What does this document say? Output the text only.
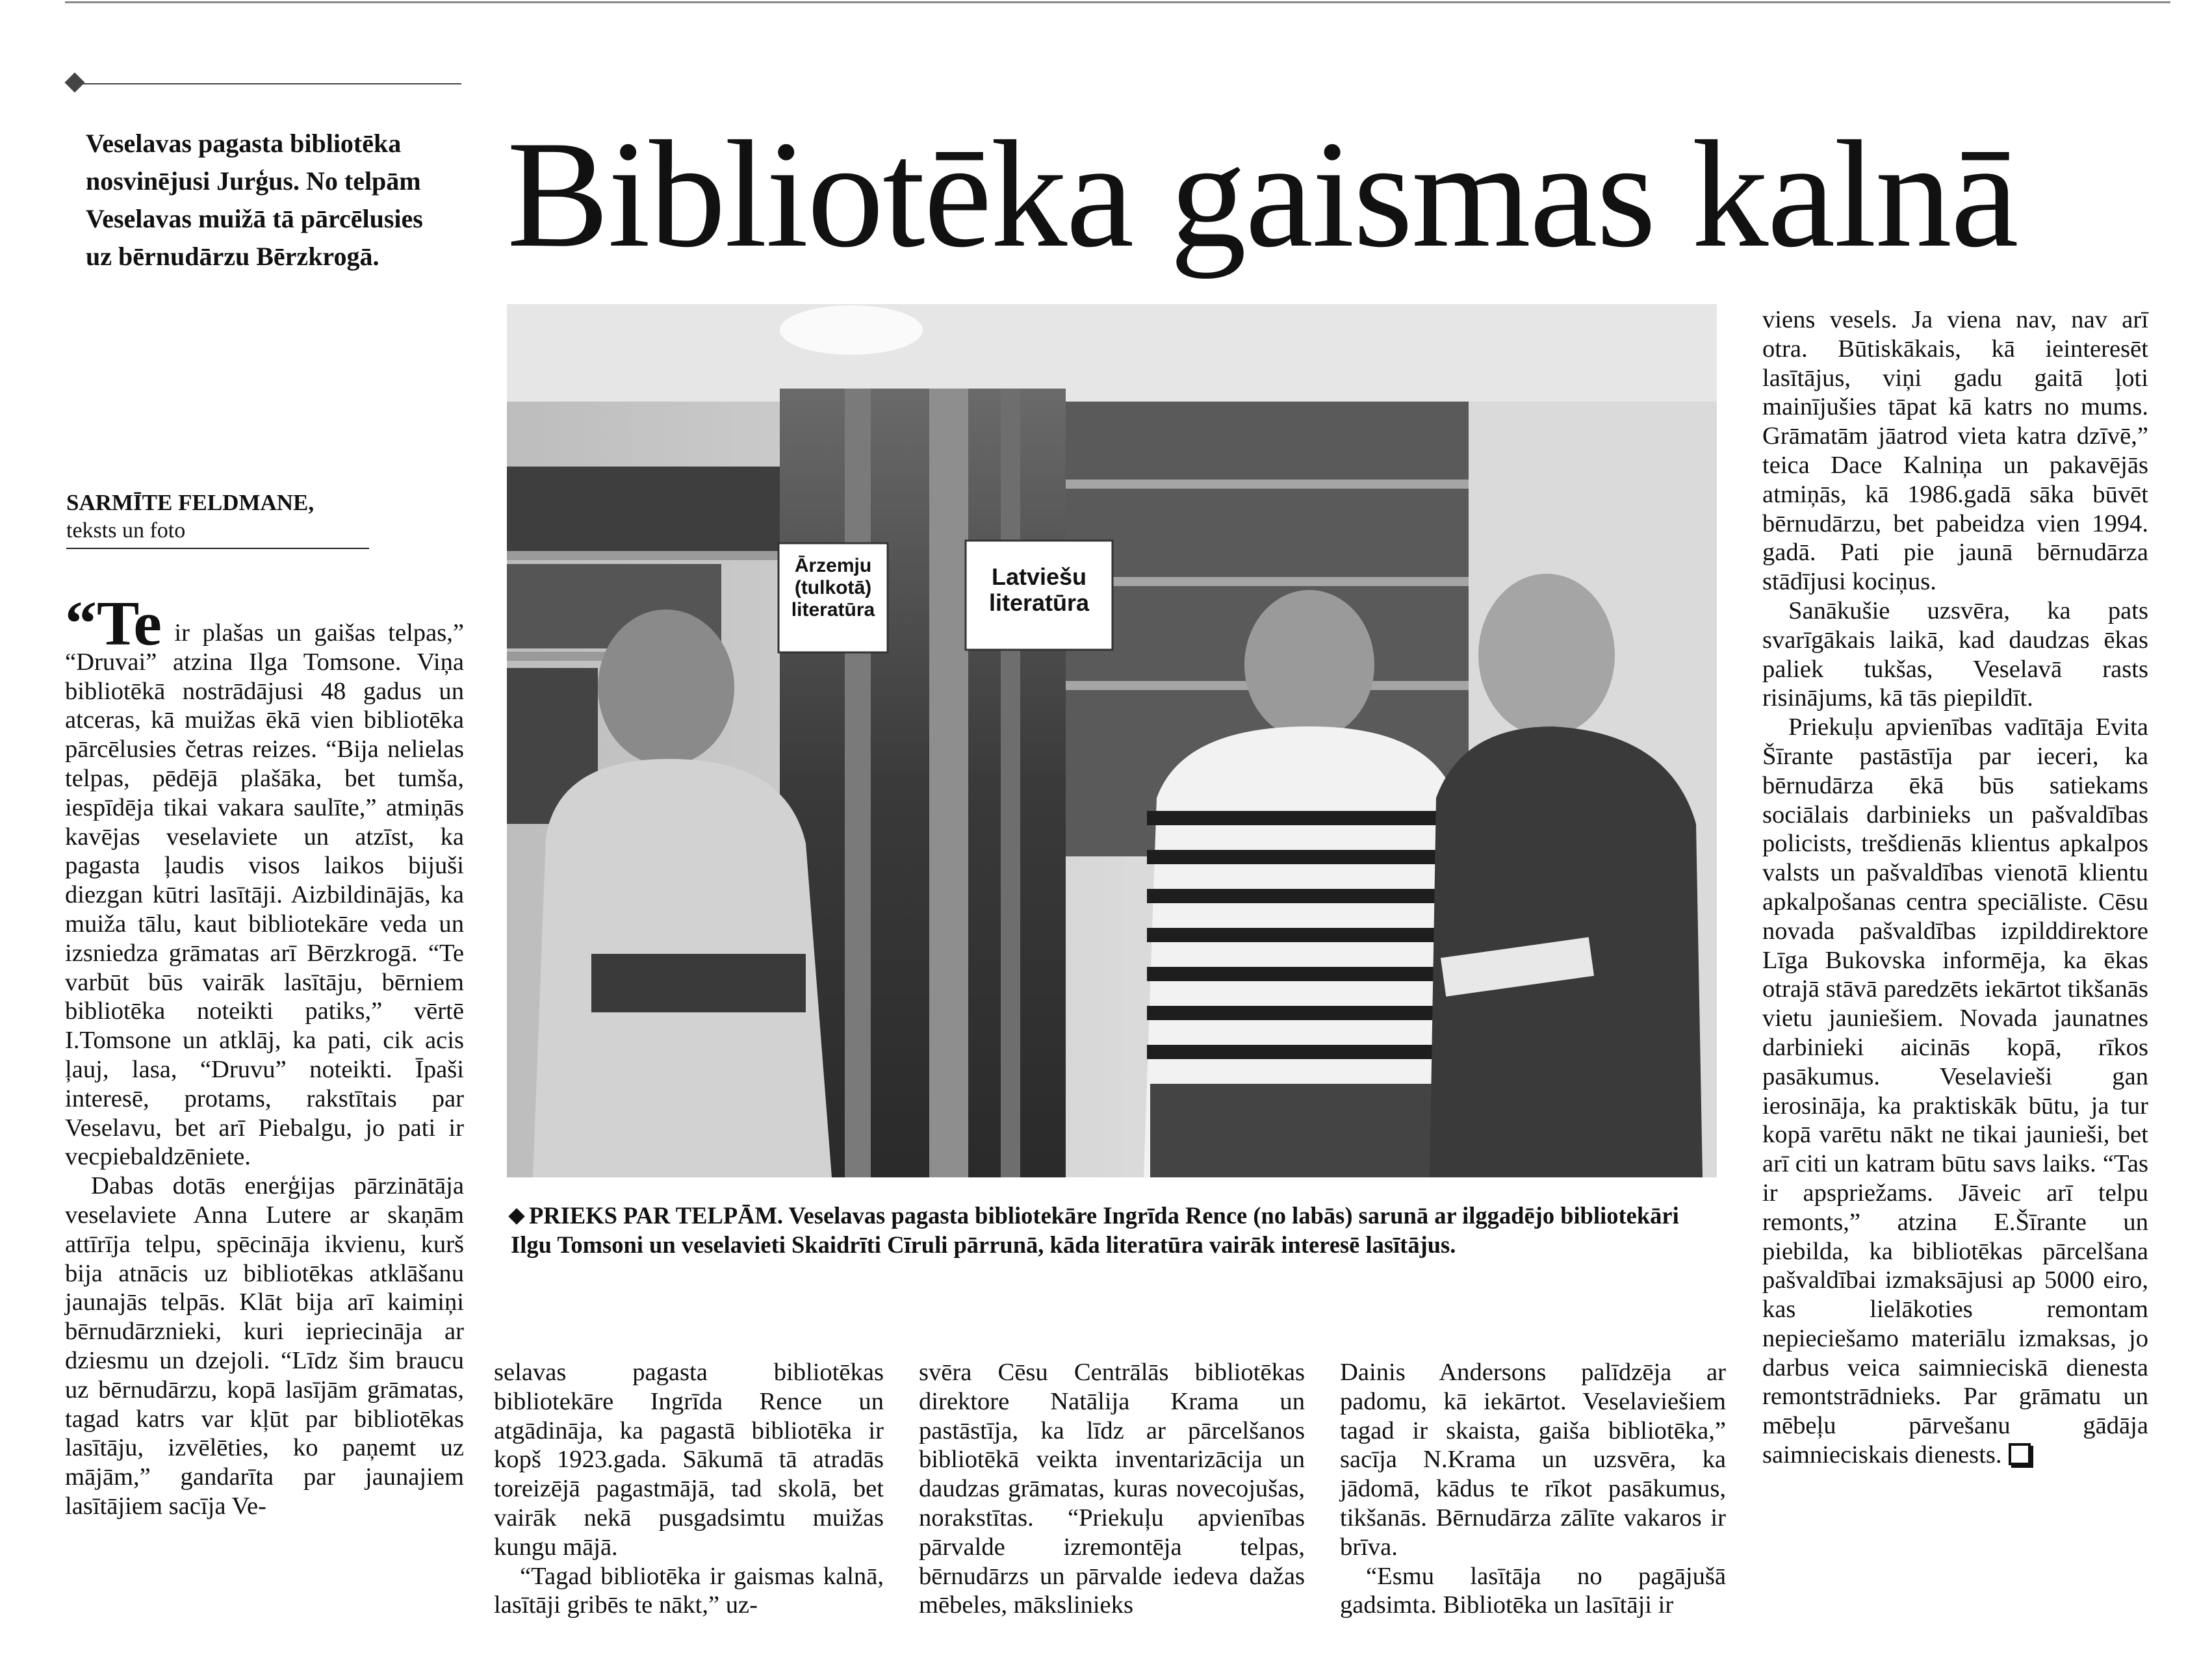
Veselavas pagasta bibliotēka nosvinējusi Jurģus. No telpām Veselavas muižā tā pārcēlusies uz bērnudārzu Bērzkrogā. Bibliotēka gaismas kalnā
SARMĪTE FELDMANE,
teksts un foto

“Te ir plašas un gaišas telpas,” “Druvai” atzina Ilga Tomsone. Viņa bibliotēkā nostrādājusi 48 gadus un atceras, kā muižas ēkā vien bibliotēka pārcēlusies četras reizes. “Bija nelielas telpas, pēdējā plašāka, bet tumša, iespīdēja tikai vakara saulīte,” atmiņās kavējas veselaviete un atzīst, ka pagasta ļaudis visos laikos bijuši diezgan kūtri lasītāji. Aizbildinājās, ka muiža tālu, kaut bibliotekāre veda un izsniedza grāmatas arī Bērzkrogā. “Te varbūt būs vairāk lasītāju, bērniem bibliotēka noteikti patiks,” vērtē I.Tomsone un atklāj, ka pati, cik acis ļauj, lasa, “Druvu” noteikti. Īpaši interesē, protams, rakstītais par Veselavu, bet arī Piebalgu, jo pati ir vecpiebaldzēniete.

Dabas dotās enerģijas pārzinātāja veselaviete Anna Lutere ar skaņām attīrīja telpu, spēcināja ikvienu, kurš bija atnācis uz bibliotēkas atklāšanu jaunajās telpās. Klāt bija arī kaimiņi bērnudārznieki, kuri iepriecināja ar dziesmu un dzejoli. “Līdz šim braucu uz bērnudārzu, kopā lasījām grāmatas, tagad katrs var kļūt par bibliotēkas lasītāju, izvēlēties, ko paņemt uz mājām,” gandarīta par jaunajiem lasītājiem sacīja Ve-

Ārzemju (tulkotā) literatūra
Latviešu literatūra
PRIEKS PAR TELPĀM. Veselavas pagasta bibliotekāre Ingrīda Rence (no labās) sarunā ar ilggadējo bibliotekāri Ilgu Tomsoni un veselavieti Skaidrīti Cīruli pārrunā, kāda literatūra vairāk interesē lasītājus.

selavas pagasta bibliotēkas bibliotekāre Ingrīda Rence un atgādināja, ka pagastā bibliotēka ir kopš 1923.gada. Sākumā tā atradās toreizējā pagastmājā, tad skolā, bet vairāk nekā pusgadsimtu muižas kungu mājā.

“Tagad bibliotēka ir gaismas kalnā, lasītāji gribēs te nākt,” uz-

svēra Cēsu Centrālās bibliotēkas direktore Natālija Krama un pastāstīja, ka līdz ar pārcelšanos bibliotēkā veikta inventarizācija un daudzas grāmatas, kuras novecojušas, norakstītas. “Priekuļu apvienības pārvalde izremontēja telpas, bērnudārzs un pārvalde iedeva dažas mēbeles, mākslinieks

Dainis Andersons palīdzēja ar padomu, kā iekārtot. Veselaviešiem tagad ir skaista, gaiša bibliotēka,” sacīja N.Krama un uzsvēra, ka jādomā, kādus te rīkot pasākumus, tikšanās. Bērnudārza zālīte vakaros ir brīva.

“Esmu lasītāja no pagājušā gadsimta. Bibliotēka un lasītāji ir

viens vesels. Ja viena nav, nav arī otra. Būtiskākais, kā ieinteresēt lasītājus, viņi gadu gaitā ļoti mainījušies tāpat kā katrs no mums. Grāmatām jāatrod vieta katra dzīvē,” teica Dace Kalniņa un pakavējās atmiņās, kā 1986.gadā sāka būvēt bērnudārzu, bet pabeidza vien 1994. gadā. Pati pie jaunā bērnudārza stādījusi kociņus.

Sanākušie uzsvēra, ka pats svarīgākais laikā, kad daudzas ēkas paliek tukšas, Veselavā rasts risinājums, kā tās piepildīt.

Priekuļu apvienības vadītāja Evita Šīrante pastāstīja par ieceri, ka bērnudārza ēkā būs satiekams sociālais darbinieks un pašvaldības policists, trešdienās klientus apkalpos valsts un pašvaldības vienotā klientu apkalpošanas centra speciāliste. Cēsu novada pašvaldības izpilddirektore Līga Bukovska informēja, ka ēkas otrajā stāvā paredzēts iekārtot tikšanās vietu jauniešiem. Novada jaunatnes darbinieki aicinās kopā, rīkos pasākumus. Veselavieši gan ierosināja, ka praktiskāk būtu, ja tur kopā varētu nākt ne tikai jaunieši, bet arī citi un katram būtu savs laiks. “Tas ir apspriežams. Jāveic arī telpu remonts,” atzina E.Šīrante un piebilda, ka bibliotēkas pārcelšana pašvaldībai izmaksājusi ap 5000 eiro, kas lielākoties remontam nepieciešamo materiālu izmaksas, jo darbus veica saimnieciskā dienesta remontstrādnieks. Par grāmatu un mēbeļu pārvešanu gādāja saimnieciskais dienests.
